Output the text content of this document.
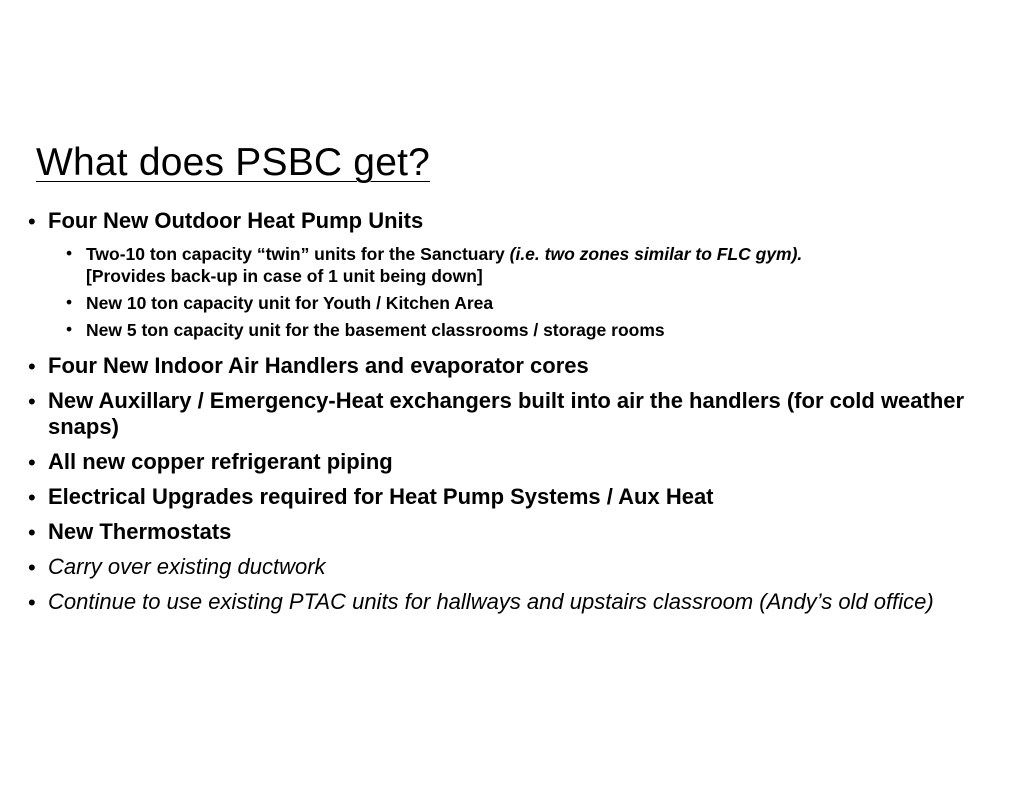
What does PSBC get?
• Four New Outdoor Heat Pump Units
• Two-10 ton capacity “twin” units for the Sanctuary (i.e. two zones similar to FLC gym).
[Provides back-up in case of 1 unit being down]
• New 10 ton capacity unit for Youth / Kitchen Area
• New 5 ton capacity unit for the basement classrooms / storage rooms
• Four New Indoor Air Handlers and evaporator cores
• New Auxillary / Emergency-Heat exchangers built into air the handlers (for cold weather snaps)
• All new copper refrigerant piping
• Electrical Upgrades required for Heat Pump Systems / Aux Heat
• New Thermostats
• Carry over existing ductwork
• Continue to use existing PTAC units for hallways and upstairs classroom (Andy’s old office)
